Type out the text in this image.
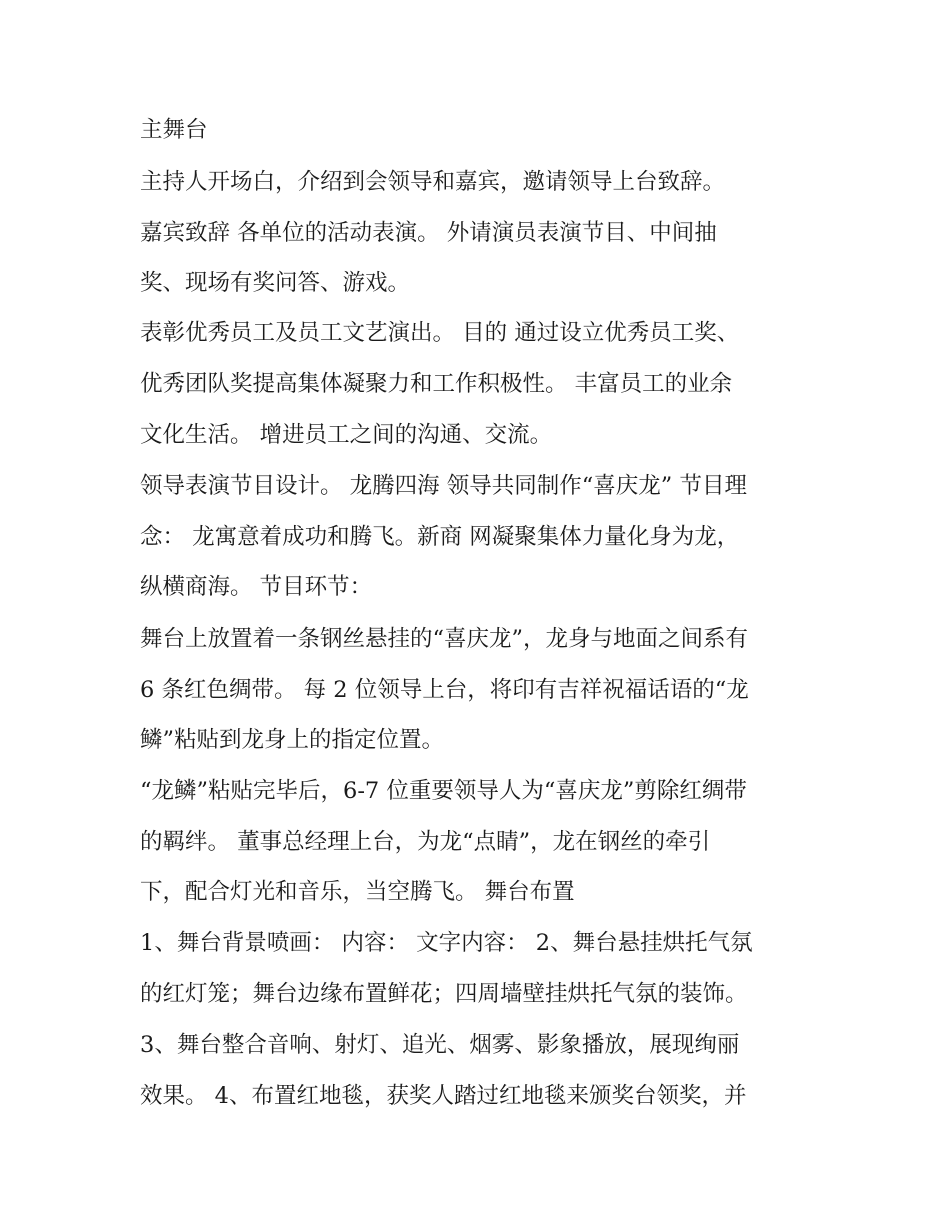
主舞台
主持人开场白，介绍到会领导和嘉宾，邀请领导上台致辞。
嘉宾致辞 各单位的活动表演。 外请演员表演节目、中间抽
奖、现场有奖问答、游戏。
表彰优秀员工及员工文艺演出。 目的 通过设立优秀员工奖、
优秀团队奖提高集体凝聚力和工作积极性。 丰富员工的业余
文化生活。 增进员工之间的沟通、交流。
领导表演节目设计。 龙腾四海 领导共同制作“喜庆龙” 节目理
念： 龙寓意着成功和腾飞。新商 网凝聚集体力量化身为龙，
纵横商海。 节目环节：
舞台上放置着一条钢丝悬挂的“喜庆龙”，龙身与地面之间系有
6 条红色绸带。 每 2 位领导上台，将印有吉祥祝福话语的“龙
鳞”粘贴到龙身上的指定位置。
“龙鳞”粘贴完毕后，6-7 位重要领导人为“喜庆龙”剪除红绸带
的羁绊。 董事总经理上台，为龙“点睛”，龙在钢丝的牵引
下，配合灯光和音乐，当空腾飞。 舞台布置
1、舞台背景喷画： 内容： 文字内容： 2、舞台悬挂烘托气氛
的红灯笼；舞台边缘布置鲜花；四周墙壁挂烘托气氛的装饰。
3、舞台整合音响、射灯、追光、烟雾、影象播放，展现绚丽
效果。 4、布置红地毯，获奖人踏过红地毯来颁奖台领奖，并
